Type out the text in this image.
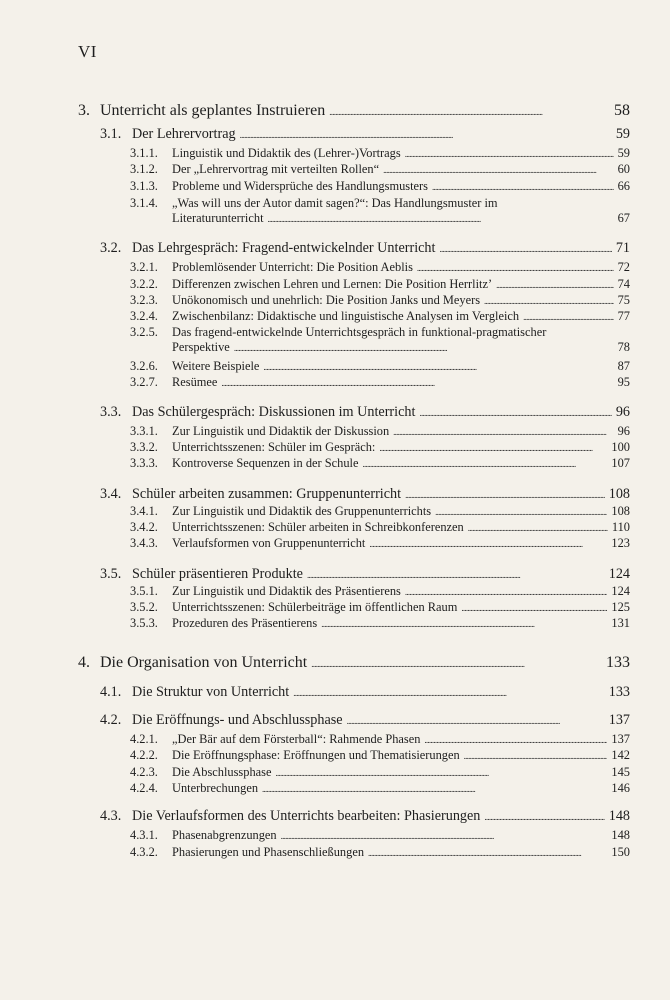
VI
3. Unterricht als geplantes Instruieren . . .	58
3.1. Der Lehrervortrag . . .	59
3.1.1.	Linguistik und Didaktik des (Lehrer-)Vortrags . . .	59
3.1.2.	Der „Lehrervortrag mit verteilten Rollen“ . . .	60
3.1.3.	Probleme und Widersprüche des Handlungsmusters . . .	66
3.1.4.	„Was will uns der Autor damit sagen?“: Das Handlungsmuster im
Literaturunterricht . . .	67
3.2. Das Lehrgespräch: Fragend-entwickelnder Unterricht . . .	71
3.2.1.	Problemlösender Unterricht: Die Position Aeblis . . .	72
3.2.2.	Differenzen zwischen Lehren und Lernen: Die Position Herrlitz’ . . .	74
3.2.3.	Unökonomisch und unehrlich: Die Position Janks und Meyers . . .	75
3.2.4.	Zwischenbilanz: Didaktische und linguistische Analysen im Vergleich . . .	77
3.2.5.	Das fragend-entwickelnde Unterrichtsgespräch in funktional-pragmatischer
Perspektive . . .	78
3.2.6.	Weitere Beispiele . . .	87
3.2.7.	Resümee . . .	95
3.3. Das Schülergespräch: Diskussionen im Unterricht . . .	96
3.3.1.	Zur Linguistik und Didaktik der Diskussion . . .	96
3.3.2.	Unterrichtsszenen: Schüler im Gespräch: . . .	100
3.3.3.	Kontroverse Sequenzen in der Schule . . .	107
3.4. Schüler arbeiten zusammen: Gruppenunterricht . . .	108
3.4.1.	Zur Linguistik und Didaktik des Gruppenunterrichts . . .	108
3.4.2.	Unterrichtsszenen: Schüler arbeiten in Schreibkonferenzen . . .	110
3.4.3.	Verlaufsformen von Gruppenunterricht . . .	123
3.5. Schüler präsentieren Produkte . . .	124
3.5.1.	Zur Linguistik und Didaktik des Präsentierens . . .	124
3.5.2.	Unterrichtsszenen: Schülerbeiträge im öffentlichen Raum . . .	125
3.5.3.	Prozeduren des Präsentierens . . .	131
4. Die Organisation von Unterricht . . .	133
4.1. Die Struktur von Unterricht . . .	133
4.2. Die Eröffnungs- und Abschlussphase . . .	137
4.2.1.	„Der Bär auf dem Försterball“: Rahmende Phasen . . .	137
4.2.2.	Die Eröffnungsphase: Eröffnungen und Thematisierungen . . .	142
4.2.3.	Die Abschlussphase . . .	145
4.2.4.	Unterbrechungen . . .	146
4.3. Die Verlaufsformen des Unterrichts bearbeiten: Phasierungen . . .	148
4.3.1.	Phasenabgrenzungen . . .	148
4.3.2.	Phasierungen und Phasenschließungen . . .	150
